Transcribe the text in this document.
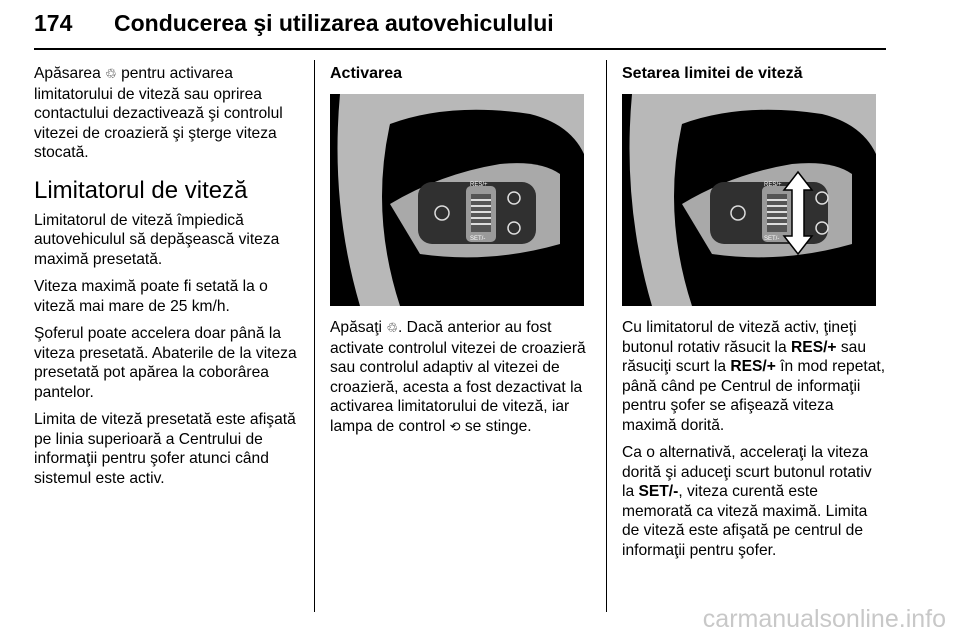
174 Conducerea şi utilizarea autovehiculului

Apăsarea ♲ pentru activarea limitatorului de viteză sau oprirea contactului dezactivează şi controlul vitezei de croazieră şi şterge viteza stocată.

Limitatorul de viteză

Limitatorul de viteză împiedică autovehiculul să depăşească viteza maximă presetată.

Viteza maximă poate fi setată la o viteză mai mare de 25 km/h.

Şoferul poate accelera doar până la viteza presetată. Abaterile de la viteza presetată pot apărea la coborârea pantelor.

Limita de viteză presetată este afişată pe linia superioară a Centrului de informaţii pentru şofer atunci când sistemul este activ.

Activarea
RES/+
SET/-

Apăsaţi ♲. Dacă anterior au fost activate controlul vitezei de croazieră sau controlul adaptiv al vitezei de croazieră, acesta a fost dezactivat la activarea limitatorului de viteză, iar lampa de control ⟲ se stinge.

Setarea limitei de viteză
RES/+
SET/-

Cu limitatorul de viteză activ, ţineţi butonul rotativ răsucit la RES/+ sau răsuciţi scurt la RES/+ în mod repetat, până când pe Centrul de informaţii pentru şofer se afişează viteza maximă dorită.

Ca o alternativă, acceleraţi la viteza dorită şi aduceţi scurt butonul rotativ la SET/-, viteza curentă este memorată ca viteză maximă. Limita de viteză este afişată pe centrul de informaţii pentru şofer.

carmanualsonline.info
